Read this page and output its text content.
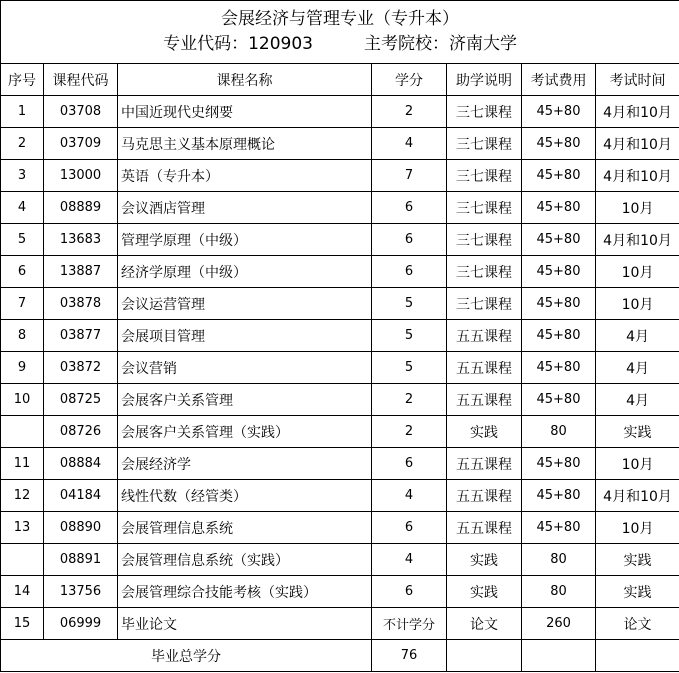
会展经济与管理专业（专升本）
专业代码：120903　　　主考院校：济南大学						

序号	课程代码	课程名称	学分	助学说明	考试费用	考试时间
1	03708	中国近现代史纲要	2	三七课程	45+80	4月和10月
2	03709	马克思主义基本原理概论	4	三七课程	45+80	4月和10月
3	13000	英语（专升本）	7	三七课程	45+80	4月和10月
4	08889	会议酒店管理	6	三七课程	45+80	10月
5	13683	管理学原理（中级）	6	三七课程	45+80	4月和10月
6	13887	经济学原理（中级）	6	三七课程	45+80	10月
7	03878	会议运营管理	5	三七课程	45+80	10月
8	03877	会展项目管理	5	五五课程	45+80	4月
9	03872	会议营销	5	五五课程	45+80	4月
10	08725	会展客户关系管理	2	五五课程	45+80	4月
	08726	会展客户关系管理（实践）	2	实践	80	实践
11	08884	会展经济学	6	五五课程	45+80	10月
12	04184	线性代数（经管类）	4	五五课程	45+80	4月和10月
13	08890	会展管理信息系统	6	五五课程	45+80	10月
	08891	会展管理信息系统（实践）	4	实践	80	实践
14	13756	会展管理综合技能考核（实践）	6	实践	80	实践
15	06999	毕业论文	不计学分	论文	260	论文
毕业总学分			76			
